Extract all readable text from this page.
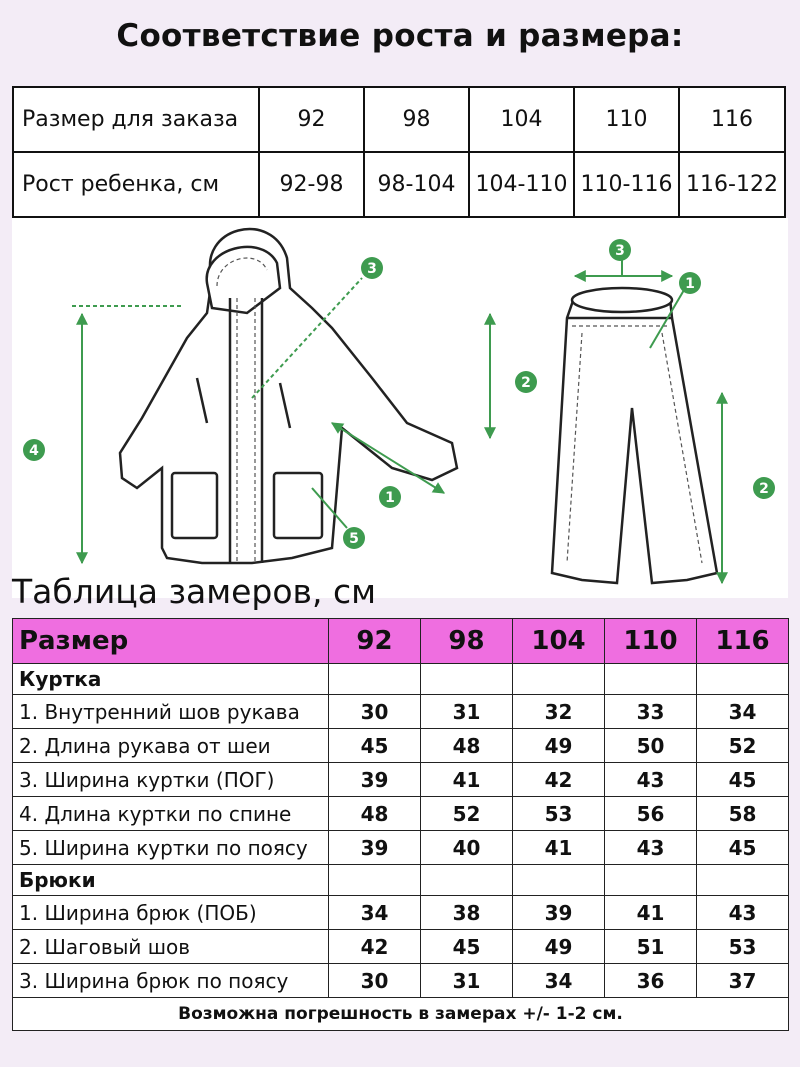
Соответствие роста и размера:
Размер для заказа	92	98	104	110	116
Рост ребенка, см	92-98	98-104	104-110	110-116	116-122
4
2
3
1
5
3
1
2
Таблица замеров, см
Размер	92	98	104	110	116
Куртка					
1. Внутренний шов рукава	30	31	32	33	34
2. Длина рукава от шеи	45	48	49	50	52
3. Ширина куртки (ПОГ)	39	41	42	43	45
4. Длина куртки по спине	48	52	53	56	58
5. Ширина куртки по поясу	39	40	41	43	45
Брюки					
1. Ширина брюк (ПОБ)	34	38	39	41	43
2. Шаговый шов	42	45	49	51	53
3. Ширина брюк по поясу	30	31	34	36	37
Возможна погрешность в замерах +/- 1-2 см.					
